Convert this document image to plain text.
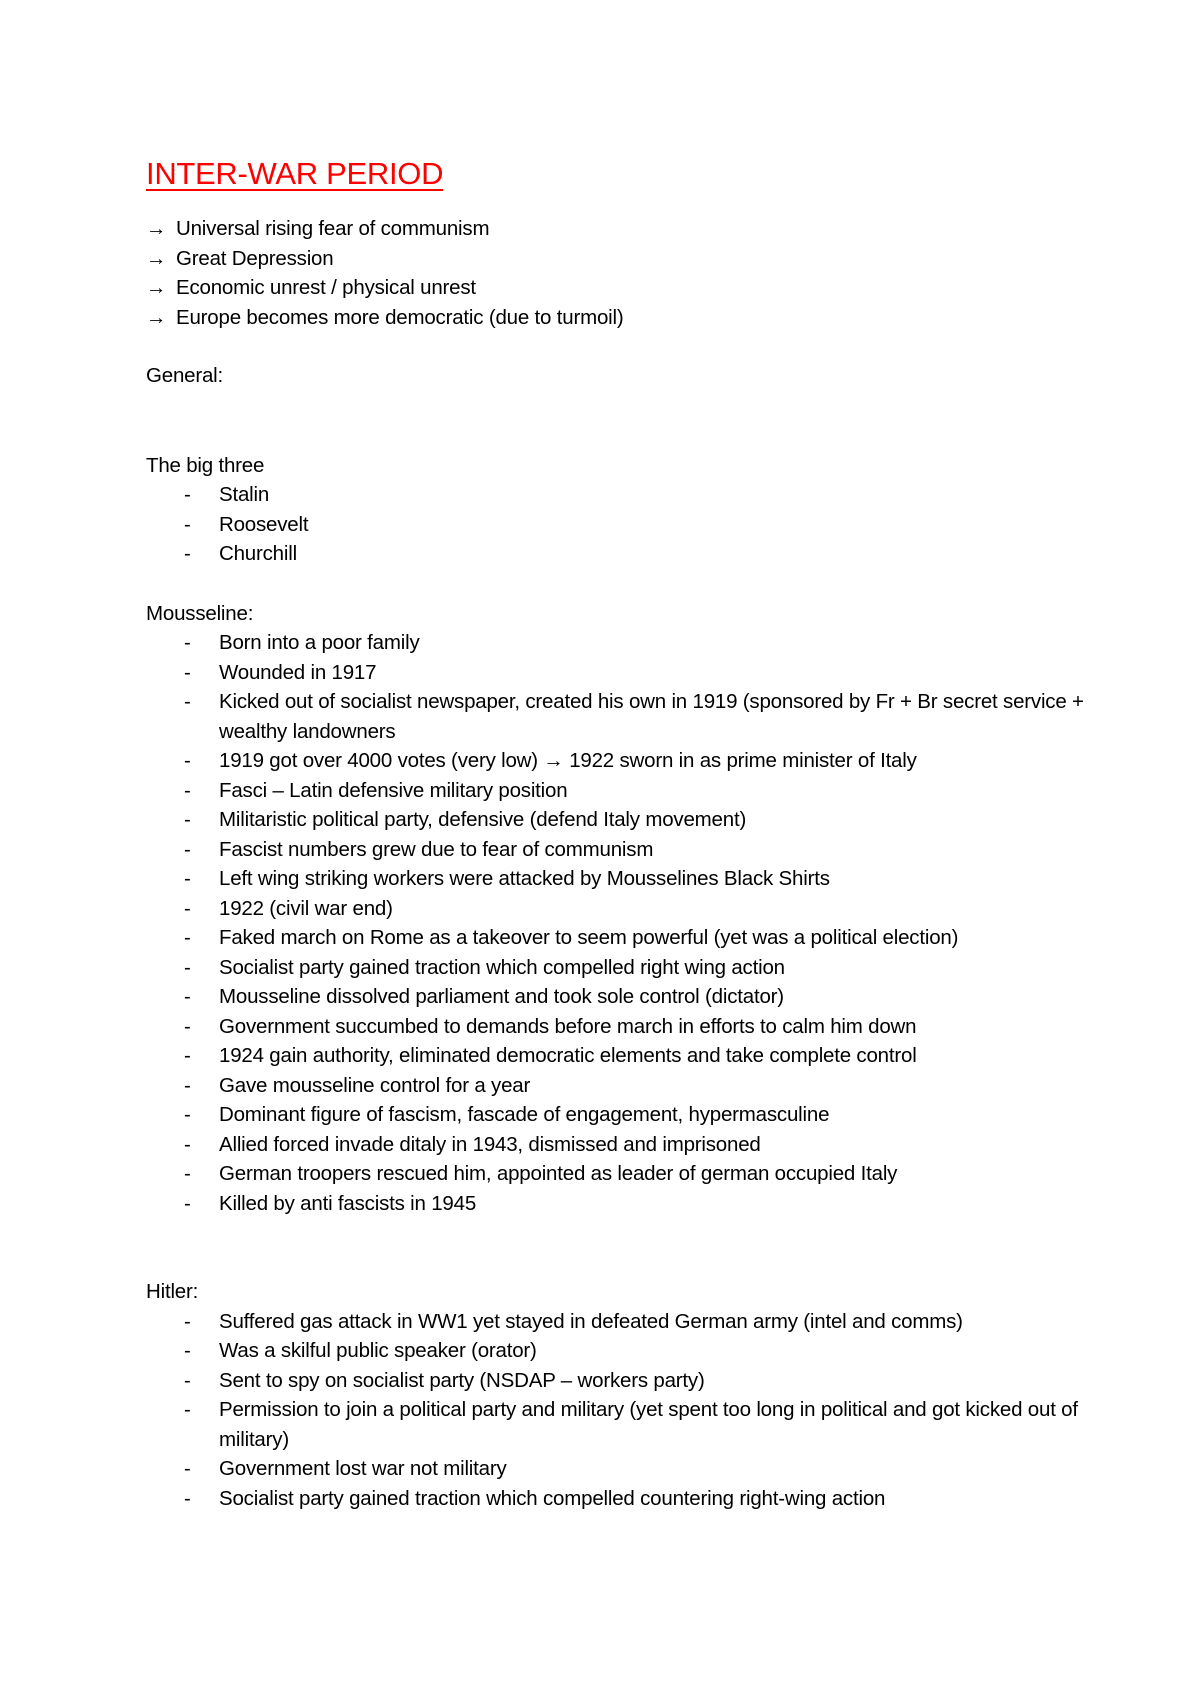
INTER-WAR PERIOD
→ Universal rising fear of communism
→ Great Depression
→ Economic unrest / physical unrest
→ Europe becomes more democratic (due to turmoil)
General:
The big three
-	Stalin
-	Roosevelt
-	Churchill
Mousseline:
-	Born into a poor family
-	Wounded in 1917
-	Kicked out of socialist newspaper, created his own in 1919 (sponsored by Fr + Br secret service + wealthy landowners
-	1919 got over 4000 votes (very low) → 1922 sworn in as prime minister of Italy
-	Fasci – Latin defensive military position
-	Militaristic political party, defensive (defend Italy movement)
-	Fascist numbers grew due to fear of communism
-	Left wing striking workers were attacked by Mousselines Black Shirts
-	1922 (civil war end)
-	Faked march on Rome as a takeover to seem powerful (yet was a political election)
-	Socialist party gained traction which compelled right wing action
-	Mousseline dissolved parliament and took sole control (dictator)
-	Government succumbed to demands before march in efforts to calm him down
-	1924 gain authority, eliminated democratic elements and take complete control
-	Gave mousseline control for a year
-	Dominant figure of fascism, fascade of engagement, hypermasculine
-	Allied forced invade ditaly in 1943, dismissed and imprisoned
-	German troopers rescued him, appointed as leader of german occupied Italy
-	Killed by anti fascists in 1945
Hitler:
-	Suffered gas attack in WW1 yet stayed in defeated German army (intel and comms)
-	Was a skilful public speaker (orator)
-	Sent to spy on socialist party (NSDAP – workers party)
-	Permission to join a political party and military (yet spent too long in political and got kicked out of military)
-	Government lost war not military
-	Socialist party gained traction which compelled countering right-wing action
